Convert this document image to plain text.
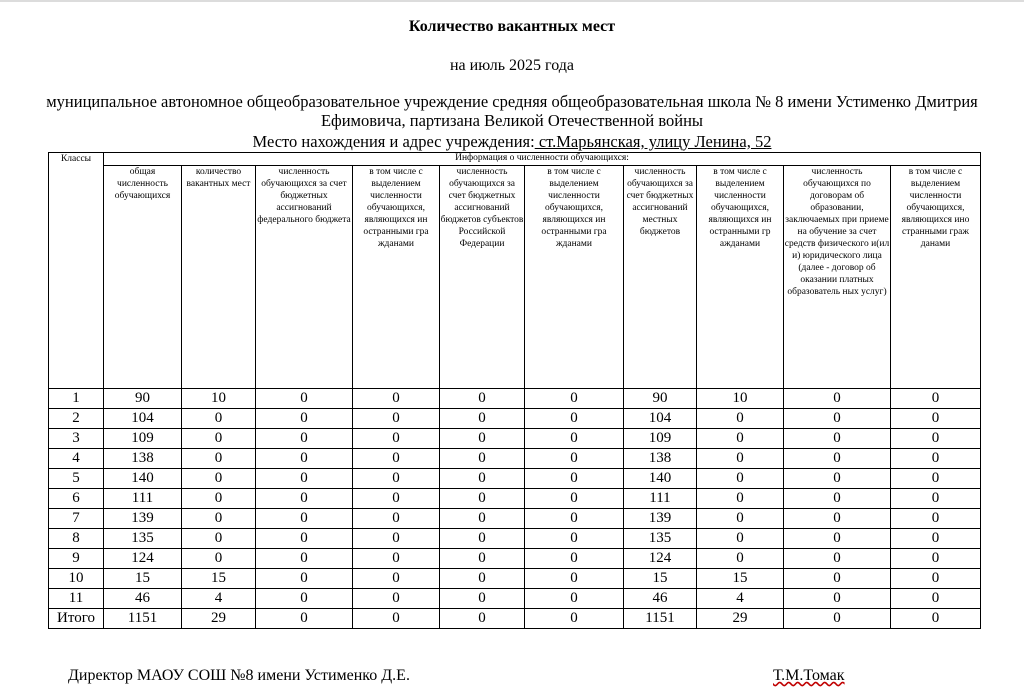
Количество вакантных мест
на июль 2025 года
муниципальное автономное общеобразовательное учреждение средняя общеобразовательная школа № 8 имени Устименко Дмитрия Ефимовича, партизана Великой Отечественной войны
Место нахождения и адрес учреждения: ст.Марьянская, улицу Ленина, 52
Классы	Информация о численности обучающихся:									
	общая численность обучающихся	количество вакантных мест	численность обучающихся за счет бюджетных ассигнований федерального бюджета	в том числе с выделением численности обучающихся, являющихся ин остранными гра жданами	численность обучающихся за счет бюджетных ассигнований бюджетов субъектов Российской Федерации	в том числе с выделением численности обучающихся, являющихся ин остранными гра жданами	численность обучающихся за счет бюджетных ассигнований местных бюджетов	в том числе с выделением численности обучающихся, являющихся ин остранными гр ажданами	численность обучающихся по договорам об образовании, заключаемых при приеме на обучение за счет средств физического и(ил и) юридического лица (далее - договор об оказании платных образователь ных услуг)	в том числе с выделением численности обучающихся, являющихся ино странными граж данами
1	90	10	0	0	0	0	90	10	0	0
2	104	0	0	0	0	0	104	0	0	0
3	109	0	0	0	0	0	109	0	0	0
4	138	0	0	0	0	0	138	0	0	0
5	140	0	0	0	0	0	140	0	0	0
6	111	0	0	0	0	0	111	0	0	0
7	139	0	0	0	0	0	139	0	0	0
8	135	0	0	0	0	0	135	0	0	0
9	124	0	0	0	0	0	124	0	0	0
10	15	15	0	0	0	0	15	15	0	0
11	46	4	0	0	0	0	46	4	0	0
Итого	1151	29	0	0	0	0	1151	29	0	0
Директор МАОУ СОШ №8 имени Устименко Д.Е.	Т.М.Томак
